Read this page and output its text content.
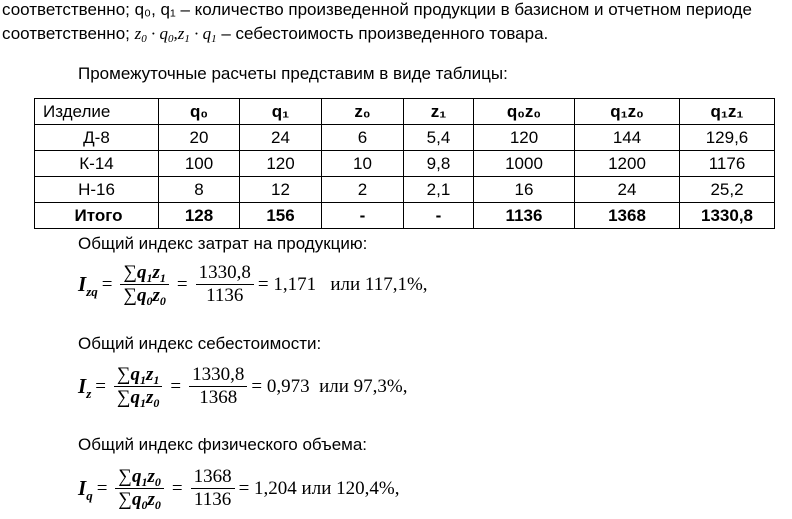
соответственно; q₀, q₁ – количество произведенной продукции в базисном и отчетном периоде
соответственно; $z_0 \cdot q_0,z_1 \cdot q_1$ – себестоимость произведенного товара.
Промежуточные расчеты представим в виде таблицы:
Изделие	q₀	q₁	z₀	z₁	q₀z₀	q₁z₀	q₁z₁
Д-8	20	24	6	5,4	120	144	129,6
К-14	100	120	10	9,8	1000	1200	1176
Н-16	8	12	2	2,1	16	24	25,2
Итого	128	156	-	-	1136	1368	1330,8
Общий индекс затрат на продукцию:
$I_{zq} = \frac{\sum q_1z_1}{\sum q_0z_0} = \frac{1330,8}{1136} = 1,171$   или 117,1%,
Общий индекс себестоимости:
$I_z = \frac{\sum q_1z_1}{\sum q_1z_0} = \frac{1330,8}{1368} = 0,973$  или 97,3%,
Общий индекс физического объема:
$I_q = \frac{\sum q_1z_0}{\sum q_0z_0} = \frac{1368}{1136} = 1,204$ или 120,4%,
